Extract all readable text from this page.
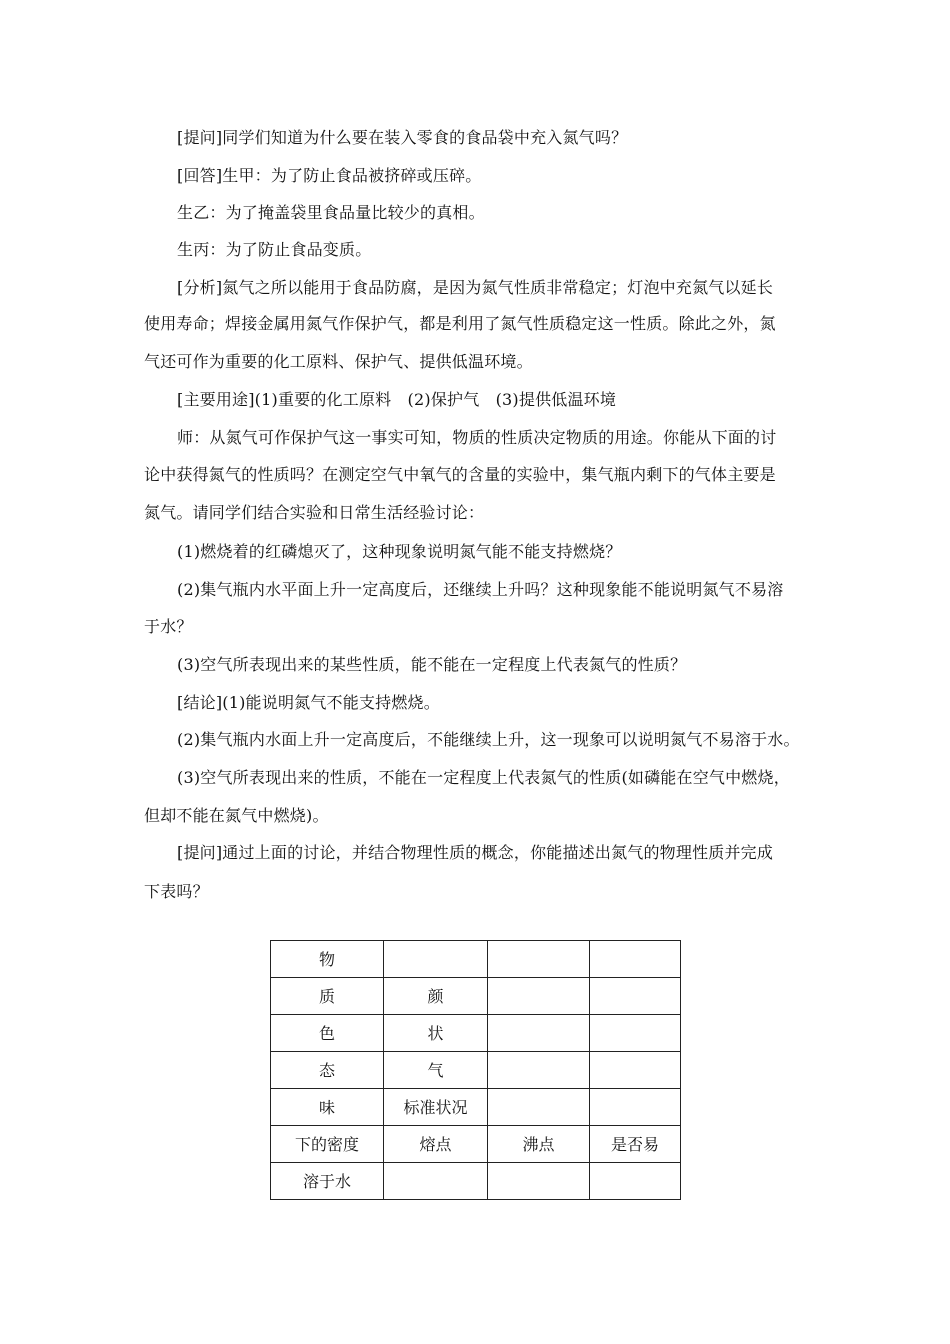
[提问]同学们知道为什么要在装入零食的食品袋中充入氮气吗？
[回答]生甲：为了防止食品被挤碎或压碎。
生乙：为了掩盖袋里食品量比较少的真相。
生丙：为了防止食品变质。
[分析]氮气之所以能用于食品防腐，是因为氮气性质非常稳定；灯泡中充氮气以延长
使用寿命；焊接金属用氮气作保护气，都是利用了氮气性质稳定这一性质。除此之外，氮
气还可作为重要的化工原料、保护气、提供低温环境。
[主要用途](1)重要的化工原料　(2)保护气　(3)提供低温环境
师：从氮气可作保护气这一事实可知，物质的性质决定物质的用途。你能从下面的讨
论中获得氮气的性质吗？在测定空气中氧气的含量的实验中，集气瓶内剩下的气体主要是
氮气。请同学们结合实验和日常生活经验讨论：
(1)燃烧着的红磷熄灭了，这种现象说明氮气能不能支持燃烧？
(2)集气瓶内水平面上升一定高度后，还继续上升吗？这种现象能不能说明氮气不易溶
于水？
(3)空气所表现出来的某些性质，能不能在一定程度上代表氮气的性质？
[结论](1)能说明氮气不能支持燃烧。
(2)集气瓶内水面上升一定高度后，不能继续上升，这一现象可以说明氮气不易溶于水。
(3)空气所表现出来的性质，不能在一定程度上代表氮气的性质(如磷能在空气中燃烧，
但却不能在氮气中燃烧)。
[提问]通过上面的讨论，并结合物理性质的概念，你能描述出氮气的物理性质并完成
下表吗？
物			
质	颜		
色	状		
态	气		
味	标准状况		
下的密度	熔点	沸点	是否易
溶于水			
